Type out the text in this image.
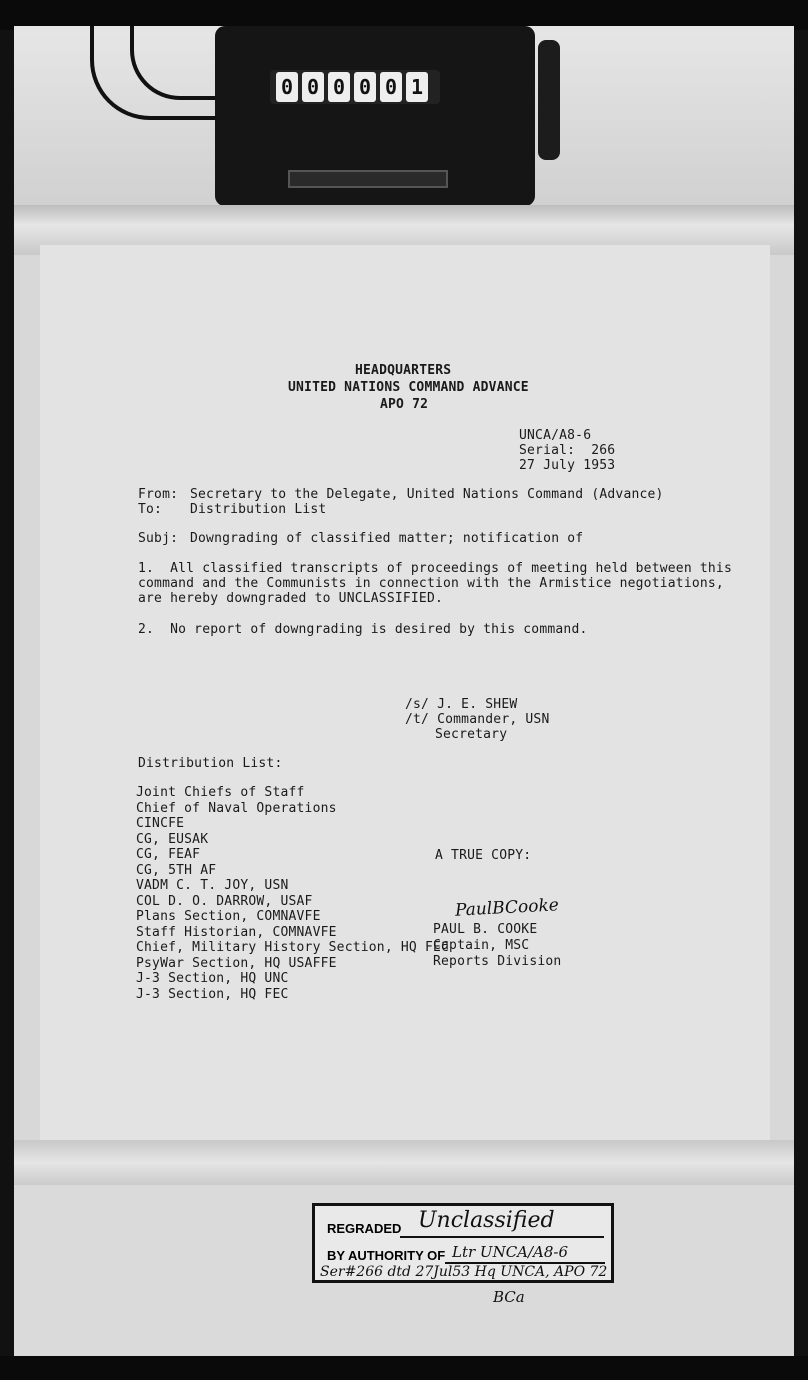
0 0 0 0 0 1
HEADQUARTERS
UNITED NATIONS COMMAND ADVANCE
APO 72
UNCA/A8-6
Serial:  266
27 July 1953
From: Secretary to the Delegate, United Nations Command (Advance)
To: Distribution List
Subj: Downgrading of classified matter; notification of
1.  All classified transcripts of proceedings of meeting held between this
command and the Communists in connection with the Armistice negotiations,
are hereby downgraded to UNCLASSIFIED.
2.  No report of downgrading is desired by this command.
/s/ J. E. SHEW
/t/ Commander, USN
Secretary
Distribution List:
Joint Chiefs of Staff
Chief of Naval Operations
CINCFE
CG, EUSAK
CG, FEAF
CG, 5TH AF
VADM C. T. JOY, USN
COL D. O. DARROW, USAF
Plans Section, COMNAVFE
Staff Historian, COMNAVFE
Chief, Military History Section, HQ FEC
PsyWar Section, HQ USAFFE
J-3 Section, HQ UNC
J-3 Section, HQ FEC
A TRUE COPY:
PaulBCooke
PAUL B. COOKE
Captain, MSC
Reports Division
REGRADED Unclassified
BY AUTHORITY OF Ltr UNCA/A8-6
Ser#266 dtd 27Jul53 Hq UNCA, APO 72
BCa
